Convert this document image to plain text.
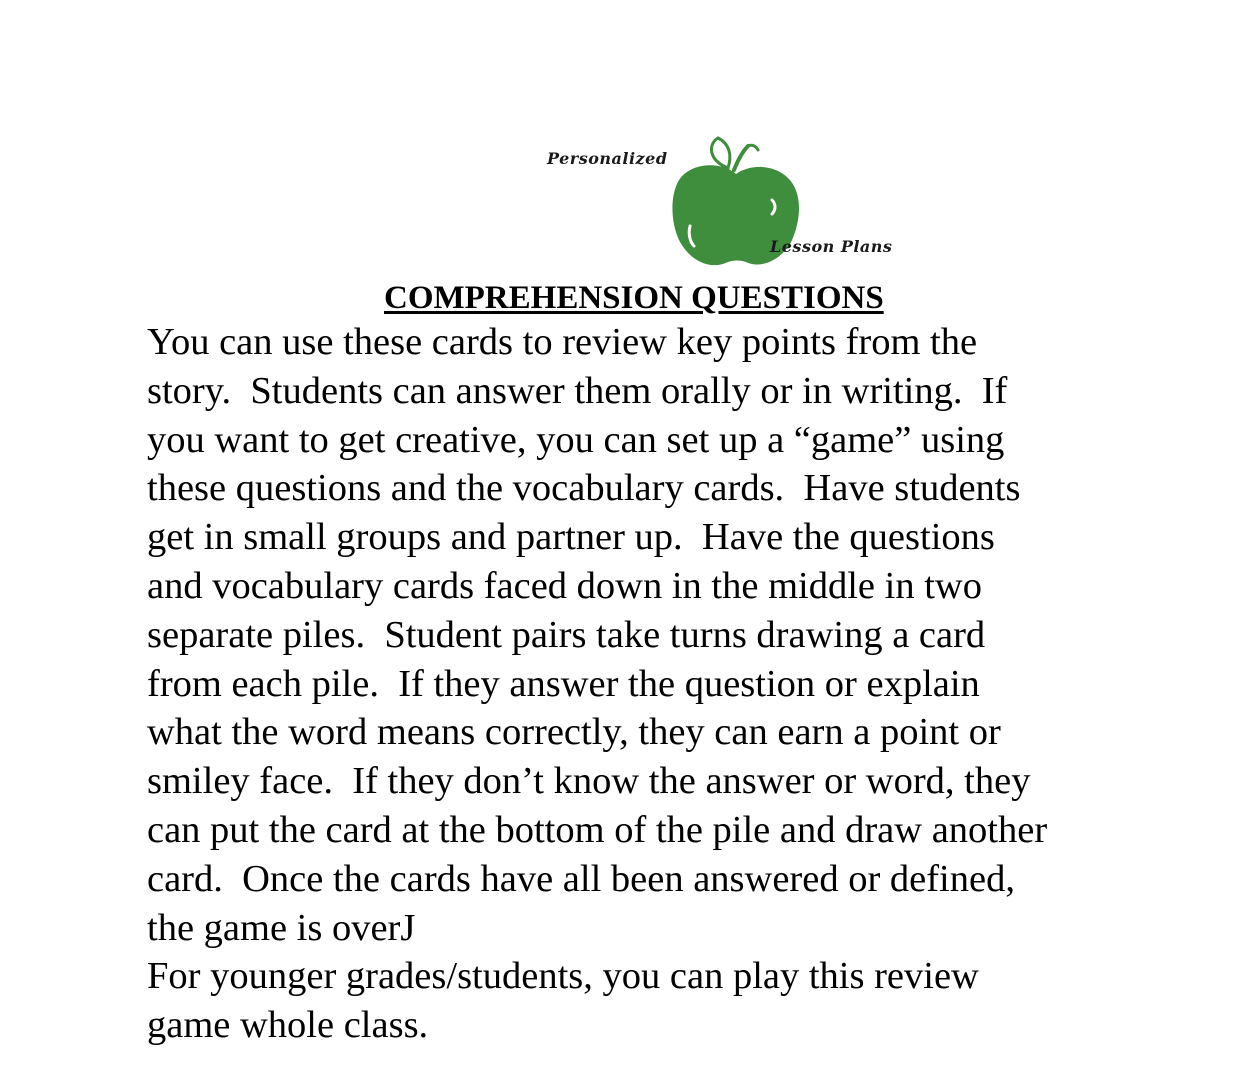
Personalized
Lesson Plans
COMPREHENSION QUESTIONS

You can use these cards to review key points from the
story.  Students can answer them orally or in writing.  If
you want to get creative, you can set up a “game” using
these questions and the vocabulary cards.  Have students
get in small groups and partner up.  Have the questions
and vocabulary cards faced down in the middle in two
separate piles.  Student pairs take turns drawing a card
from each pile.  If they answer the question or explain
what the word means correctly, they can earn a point or
smiley face.  If they don’t know the answer or word, they
can put the card at the bottom of the pile and draw another
card.  Once the cards have all been answered or defined,
the game is overJ
For younger grades/students, you can play this review
game whole class.
